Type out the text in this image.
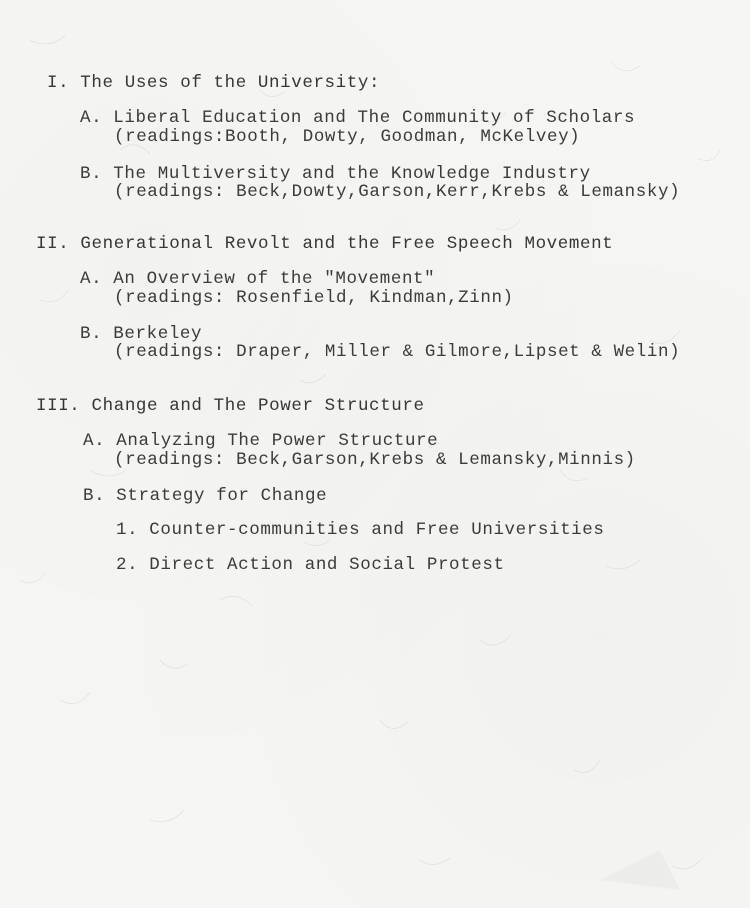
I. The Uses of the University:
A. Liberal Education and The Community of Scholars
(readings:Booth, Dowty, Goodman, McKelvey)
B. The Multiversity and the Knowledge Industry
(readings: Beck,Dowty,Garson,Kerr,Krebs & Lemansky)
II. Generational Revolt and the Free Speech Movement
A. An Overview of the "Movement"
(readings: Rosenfield, Kindman,Zinn)
B. Berkeley
(readings: Draper, Miller & Gilmore,Lipset & Welin)
III. Change and The Power Structure
A. Analyzing The Power Structure
(readings: Beck,Garson,Krebs & Lemansky,Minnis)
B. Strategy for Change
1. Counter-communities and Free Universities
2. Direct Action and Social Protest
